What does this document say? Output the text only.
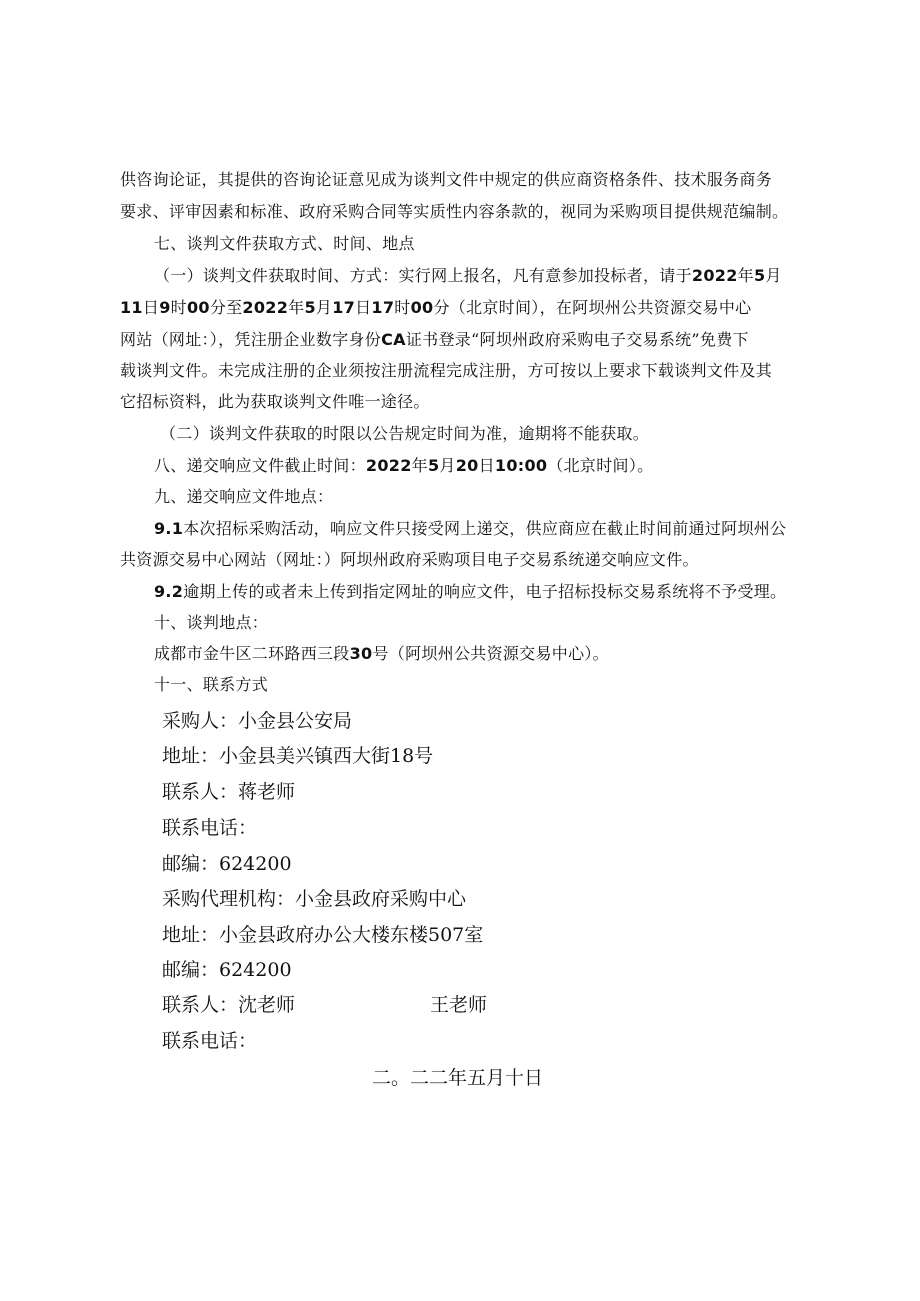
供咨询论证，其提供的咨询论证意见成为谈判文件中规定的供应商资格条件、技术服务商务
要求、评审因素和标准、政府采购合同等实质性内容条款的，视同为采购项目提供规范编制。
七、谈判文件获取方式、时间、地点
（一）谈判文件获取时间、方式：实行网上报名，凡有意参加投标者，请于2022年5月
11日9时00分至2022年5月17日17时00分（北京时间），在阿坝州公共资源交易中心
网站（网址：），凭注册企业数字身份CA证书登录“阿坝州政府采购电子交易系统”免费下
载谈判文件。未完成注册的企业须按注册流程完成注册，方可按以上要求下载谈判文件及其
它招标资料，此为获取谈判文件唯一途径。
（二）谈判文件获取的时限以公告规定时间为准，逾期将不能获取。
八、递交响应文件截止时间：2022年5月20日10:00（北京时间）。
九、递交响应文件地点：
9.1本次招标采购活动，响应文件只接受网上递交，供应商应在截止时间前通过阿坝州公
共资源交易中心网站（网址：）阿坝州政府采购项目电子交易系统递交响应文件。
9.2逾期上传的或者未上传到指定网址的响应文件，电子招标投标交易系统将不予受理。
十、谈判地点：
成都市金牛区二环路西三段30号（阿坝州公共资源交易中心）。
十一、联系方式
采购人：小金县公安局
地址：小金县美兴镇西大街18号
联系人：蒋老师
联系电话：
邮编：624200
采购代理机构：小金县政府采购中心
地址：小金县政府办公大楼东楼507室
邮编：624200
联系人：沈老师	王老师
联系电话：
二。二二年五月十日
